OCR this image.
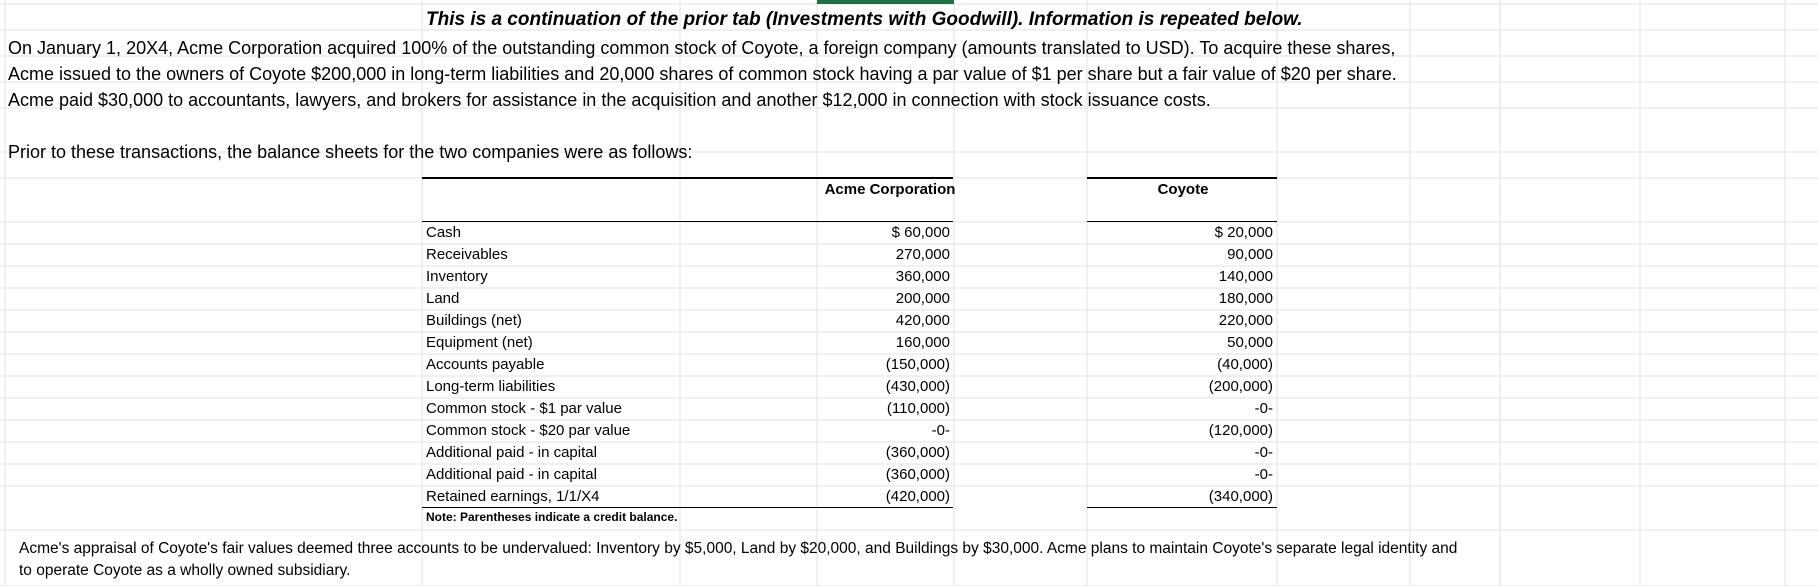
This is a continuation of the prior tab (Investments with Goodwill). Information is repeated below.
On January 1, 20X4, Acme Corporation acquired 100% of the outstanding common stock of Coyote, a foreign company (amounts translated to USD). To acquire these shares,
Acme issued to the owners of Coyote $200,000 in long-term liabilities and 20,000 shares of common stock having a par value of $1 per share but a fair value of $20 per share.
Acme paid $30,000 to accountants, lawyers, and brokers for assistance in the acquisition and another $12,000 in connection with stock issuance costs.
Prior to these transactions, the balance sheets for the two companies were as follows:
Acme Corporation	Coyote
Cash	$ 60,000	$ 20,000
Receivables	270,000	90,000
Inventory	360,000	140,000
Land	200,000	180,000
Buildings (net)	420,000	220,000
Equipment (net)	160,000	50,000
Accounts payable	(150,000)	(40,000)
Long-term liabilities	(430,000)	(200,000)
Common stock - $1 par value	(110,000)	-0-
Common stock - $20 par value	-0-	(120,000)
Additional paid - in capital	(360,000)	-0-
Additional paid - in capital	(360,000)	-0-
Retained earnings, 1/1/X4	(420,000)	(340,000)
Note: Parentheses indicate a credit balance.
Acme's appraisal of Coyote's fair values deemed three accounts to be undervalued: Inventory by $5,000, Land by $20,000, and Buildings by $30,000. Acme plans to maintain Coyote's separate legal identity and
to operate Coyote as a wholly owned subsidiary.
